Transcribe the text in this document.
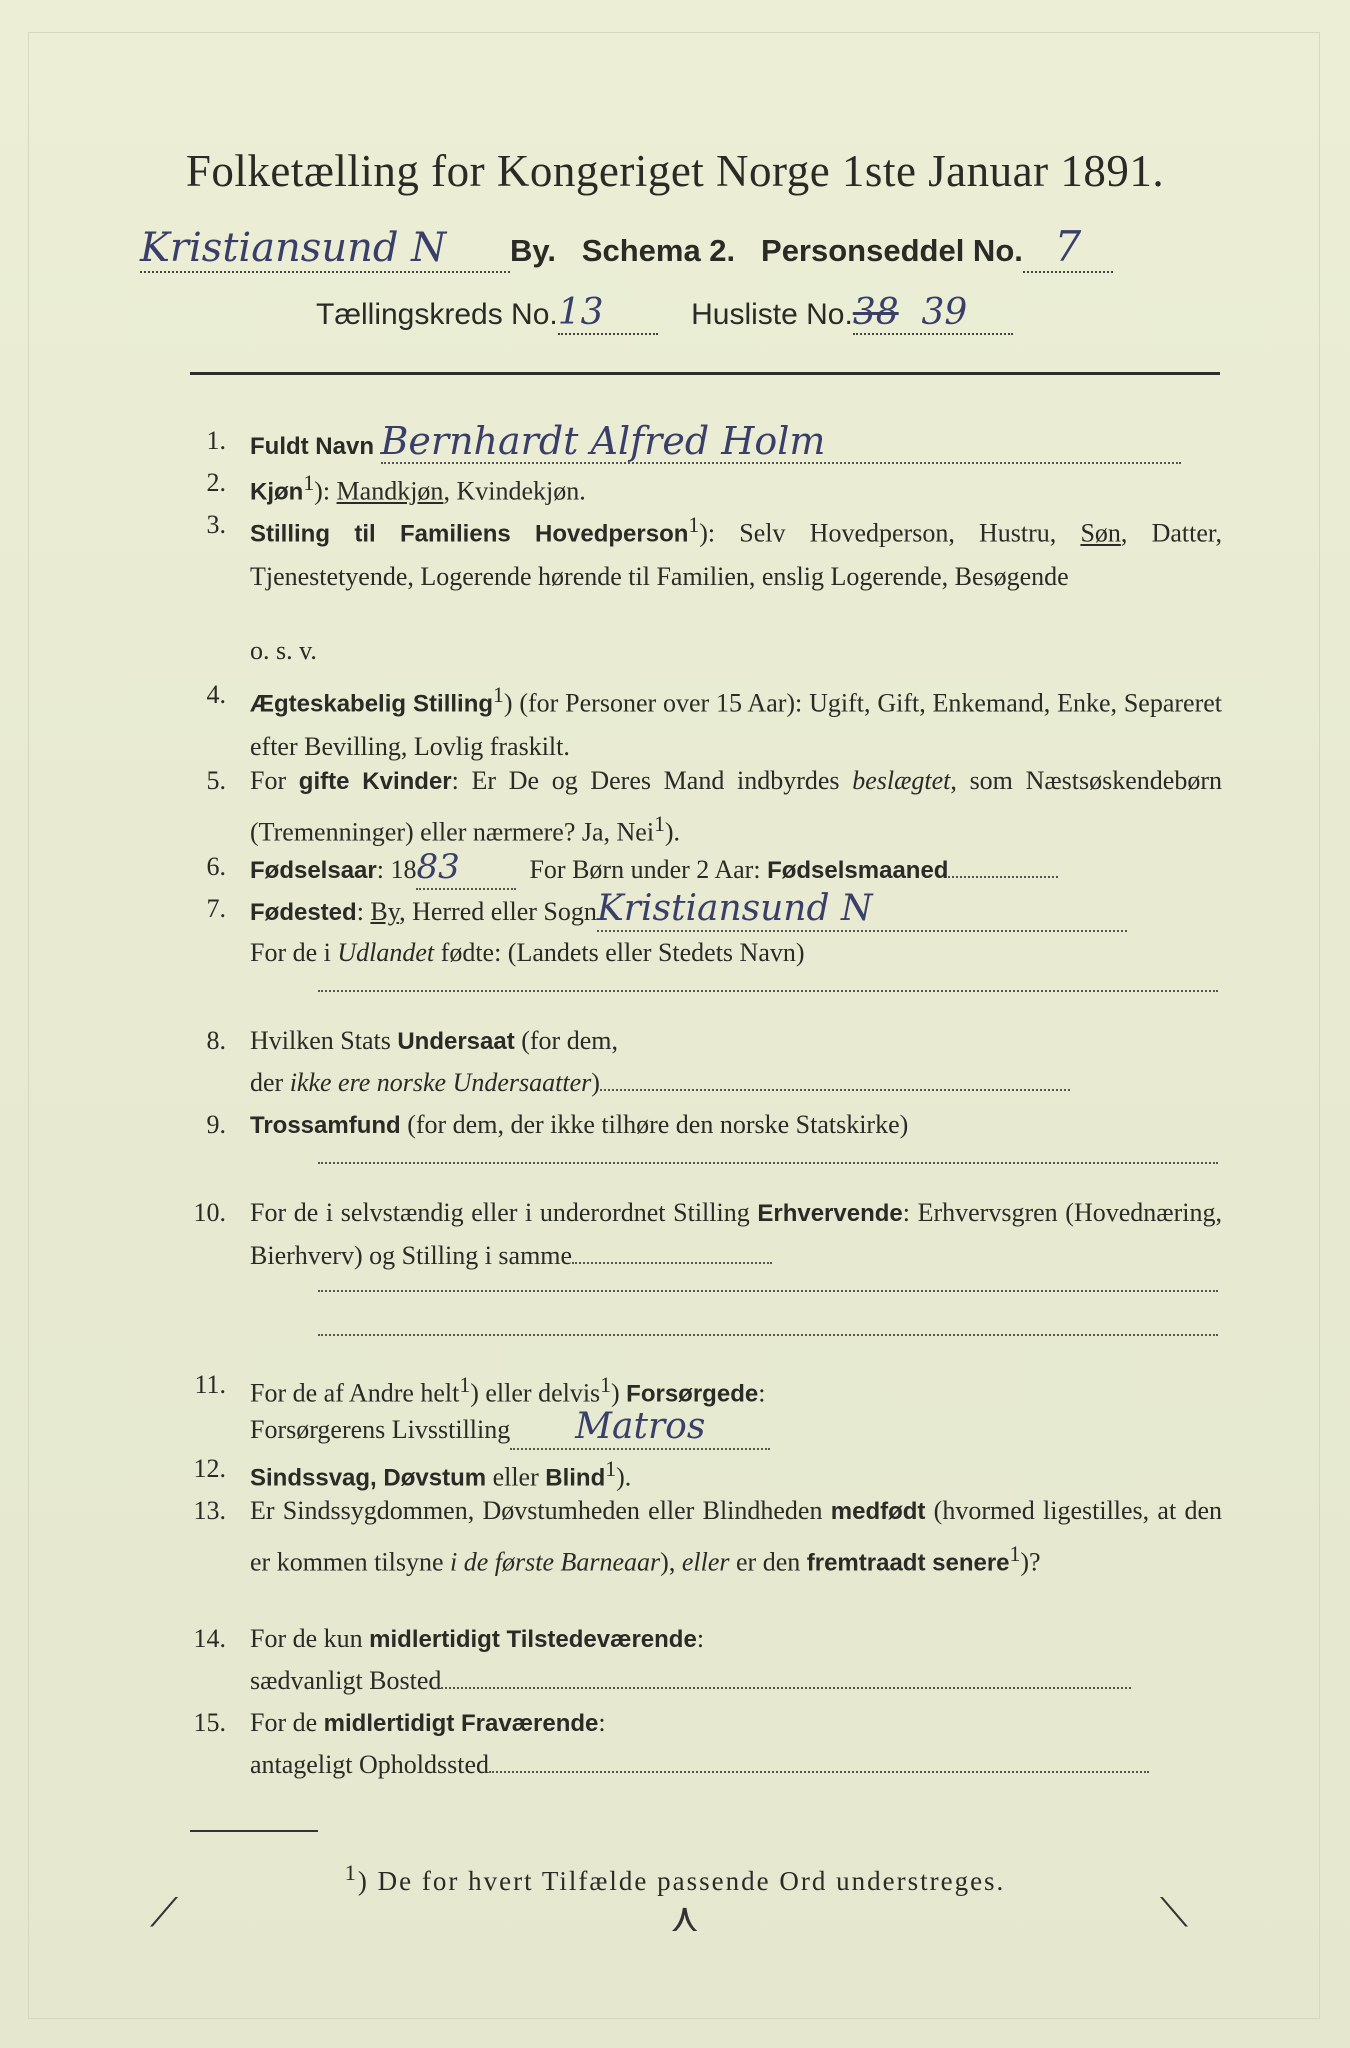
Folketælling for Kongeriget Norge 1ste Januar 1891.
Kristiansund N By. Schema 2. Personseddel No. 7
Tællingskreds No.13	Husliste No.38 39
1. Fuldt Navn Bernhardt Alfred Holm
2. Kjøn$^1$): Mandkjøn, Kvindekjøn.
3. Stilling til Familiens Hovedperson$^1$): Selv Hovedperson, Hustru, Søn, Datter, Tjenestetyende, Logerende hørende til Familien, enslig Logerende, Besøgende
o. s. v.
4. Ægteskabelig Stilling$^1$) (for Personer over 15 Aar): Ugift, Gift, Enkemand, Enke, Separeret efter Bevilling, Lovlig fraskilt.
5. For gifte Kvinder: Er De og Deres Mand indbyrdes beslægtet, som Næstsøskendebørn (Tremenninger) eller nærmere? Ja, Nei$^1$).
6. Fødselsaar: 1883	For Børn under 2 Aar: Fødselsmaaned
7. Fødested: By, Herred eller SognKristiansund N
For de i Udlandet fødte: (Landets eller Stedets Navn)
8. Hvilken Stats Undersaat (for dem,
der ikke ere norske Undersaatter)
9. Trossamfund (for dem, der ikke tilhøre den norske Statskirke)
10. For de i selvstændig eller i underordnet Stilling Erhvervende: Erhvervsgren (Hovednæring, Bierhverv) og Stilling i samme
11. For de af Andre helt$^1$) eller delvis$^1$) Forsørgede:
Forsørgerens Livsstilling Matros
12. Sindssvag, Døvstum eller Blind$^1$).
13. Er Sindssygdommen, Døvstumheden eller Blindheden medfødt (hvormed ligestilles, at den er kommen tilsyne i de første Barneaar), eller er den fremtraadt senere$^1$)?
14. For de kun midlertidigt Tilstedeværende:
sædvanligt Bosted
15. For de midlertidigt Fraværende:
antageligt Opholdssted
$^1$) De for hvert Tilfælde passende Ord understreges.
⟋	⋏	⟍
